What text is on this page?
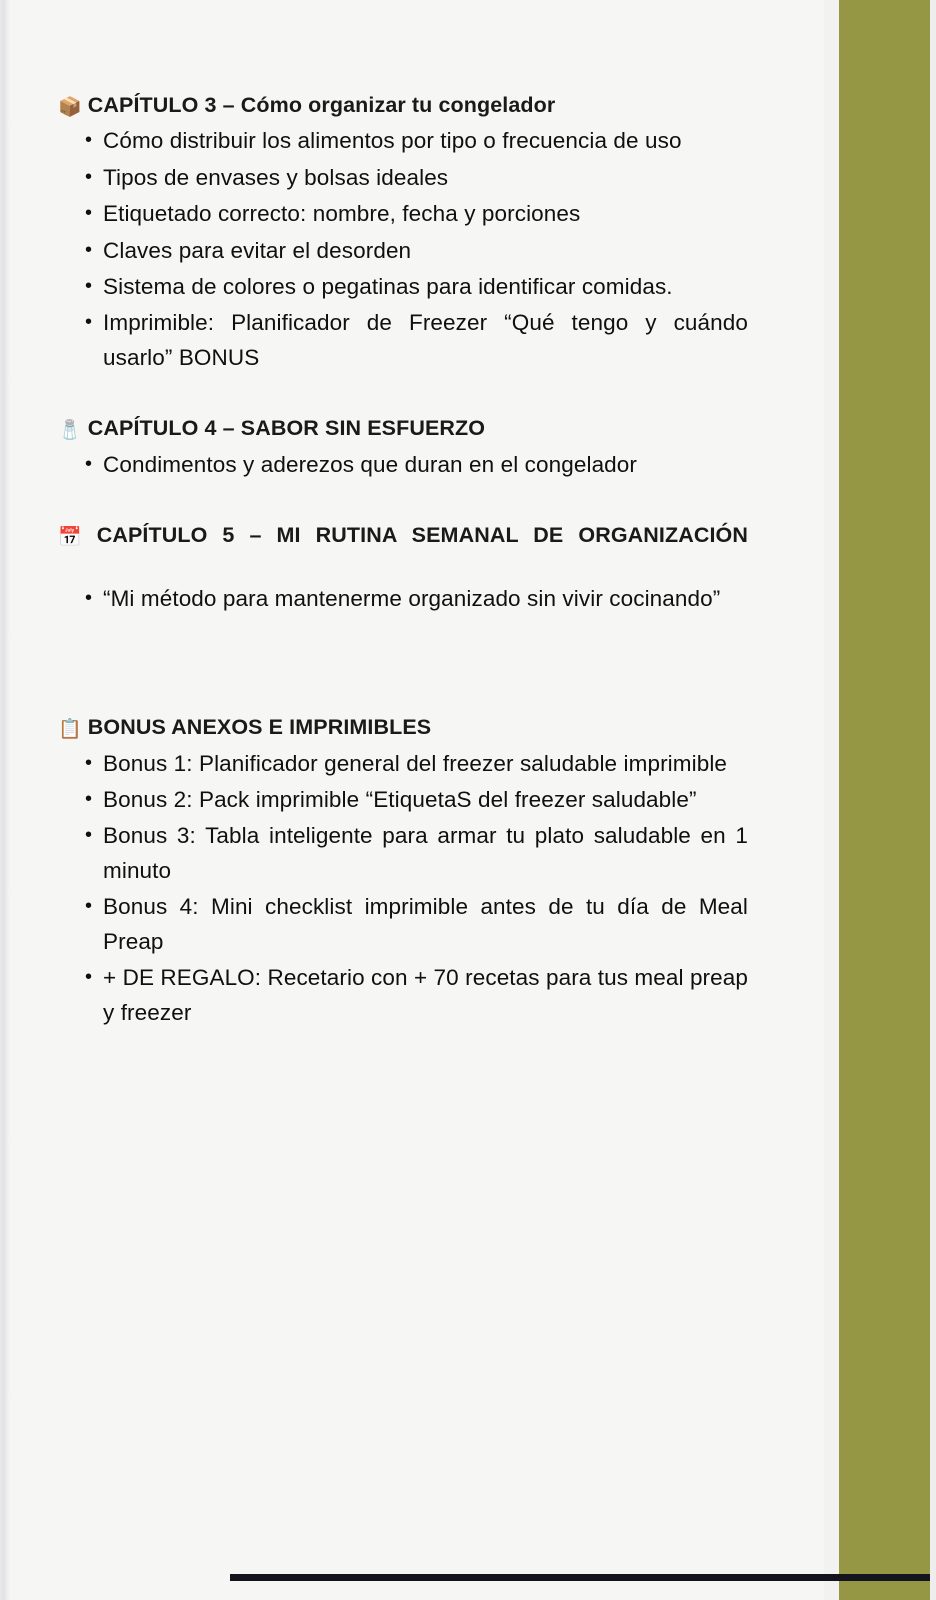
📦 CAPÍTULO 3 – Cómo organizar tu congelador
• Cómo distribuir los alimentos por tipo o frecuencia de uso
• Tipos de envases y bolsas ideales
• Etiquetado correcto: nombre, fecha y porciones
• Claves para evitar el desorden
• Sistema de colores o pegatinas para identificar comidas.
• Imprimible: Planificador de Freezer “Qué tengo y cuándo usarlo” BONUS
🧂 CAPÍTULO 4 – SABOR SIN ESFUERZO
• Condimentos y aderezos que duran en el congelador
📅 CAPÍTULO 5 – MI RUTINA SEMANAL DE ORGANIZACIÓN
• “Mi método para mantenerme organizado sin vivir cocinando”
📋 BONUS ANEXOS E IMPRIMIBLES
• Bonus 1: Planificador general del freezer saludable imprimible
• Bonus 2: Pack imprimible “EtiquetaS del freezer saludable”
• Bonus 3: Tabla inteligente para armar tu plato saludable en 1 minuto
• Bonus 4: Mini checklist imprimible antes de tu día de Meal Preap
• + DE REGALO: Recetario con + 70 recetas para tus meal preap y freezer
